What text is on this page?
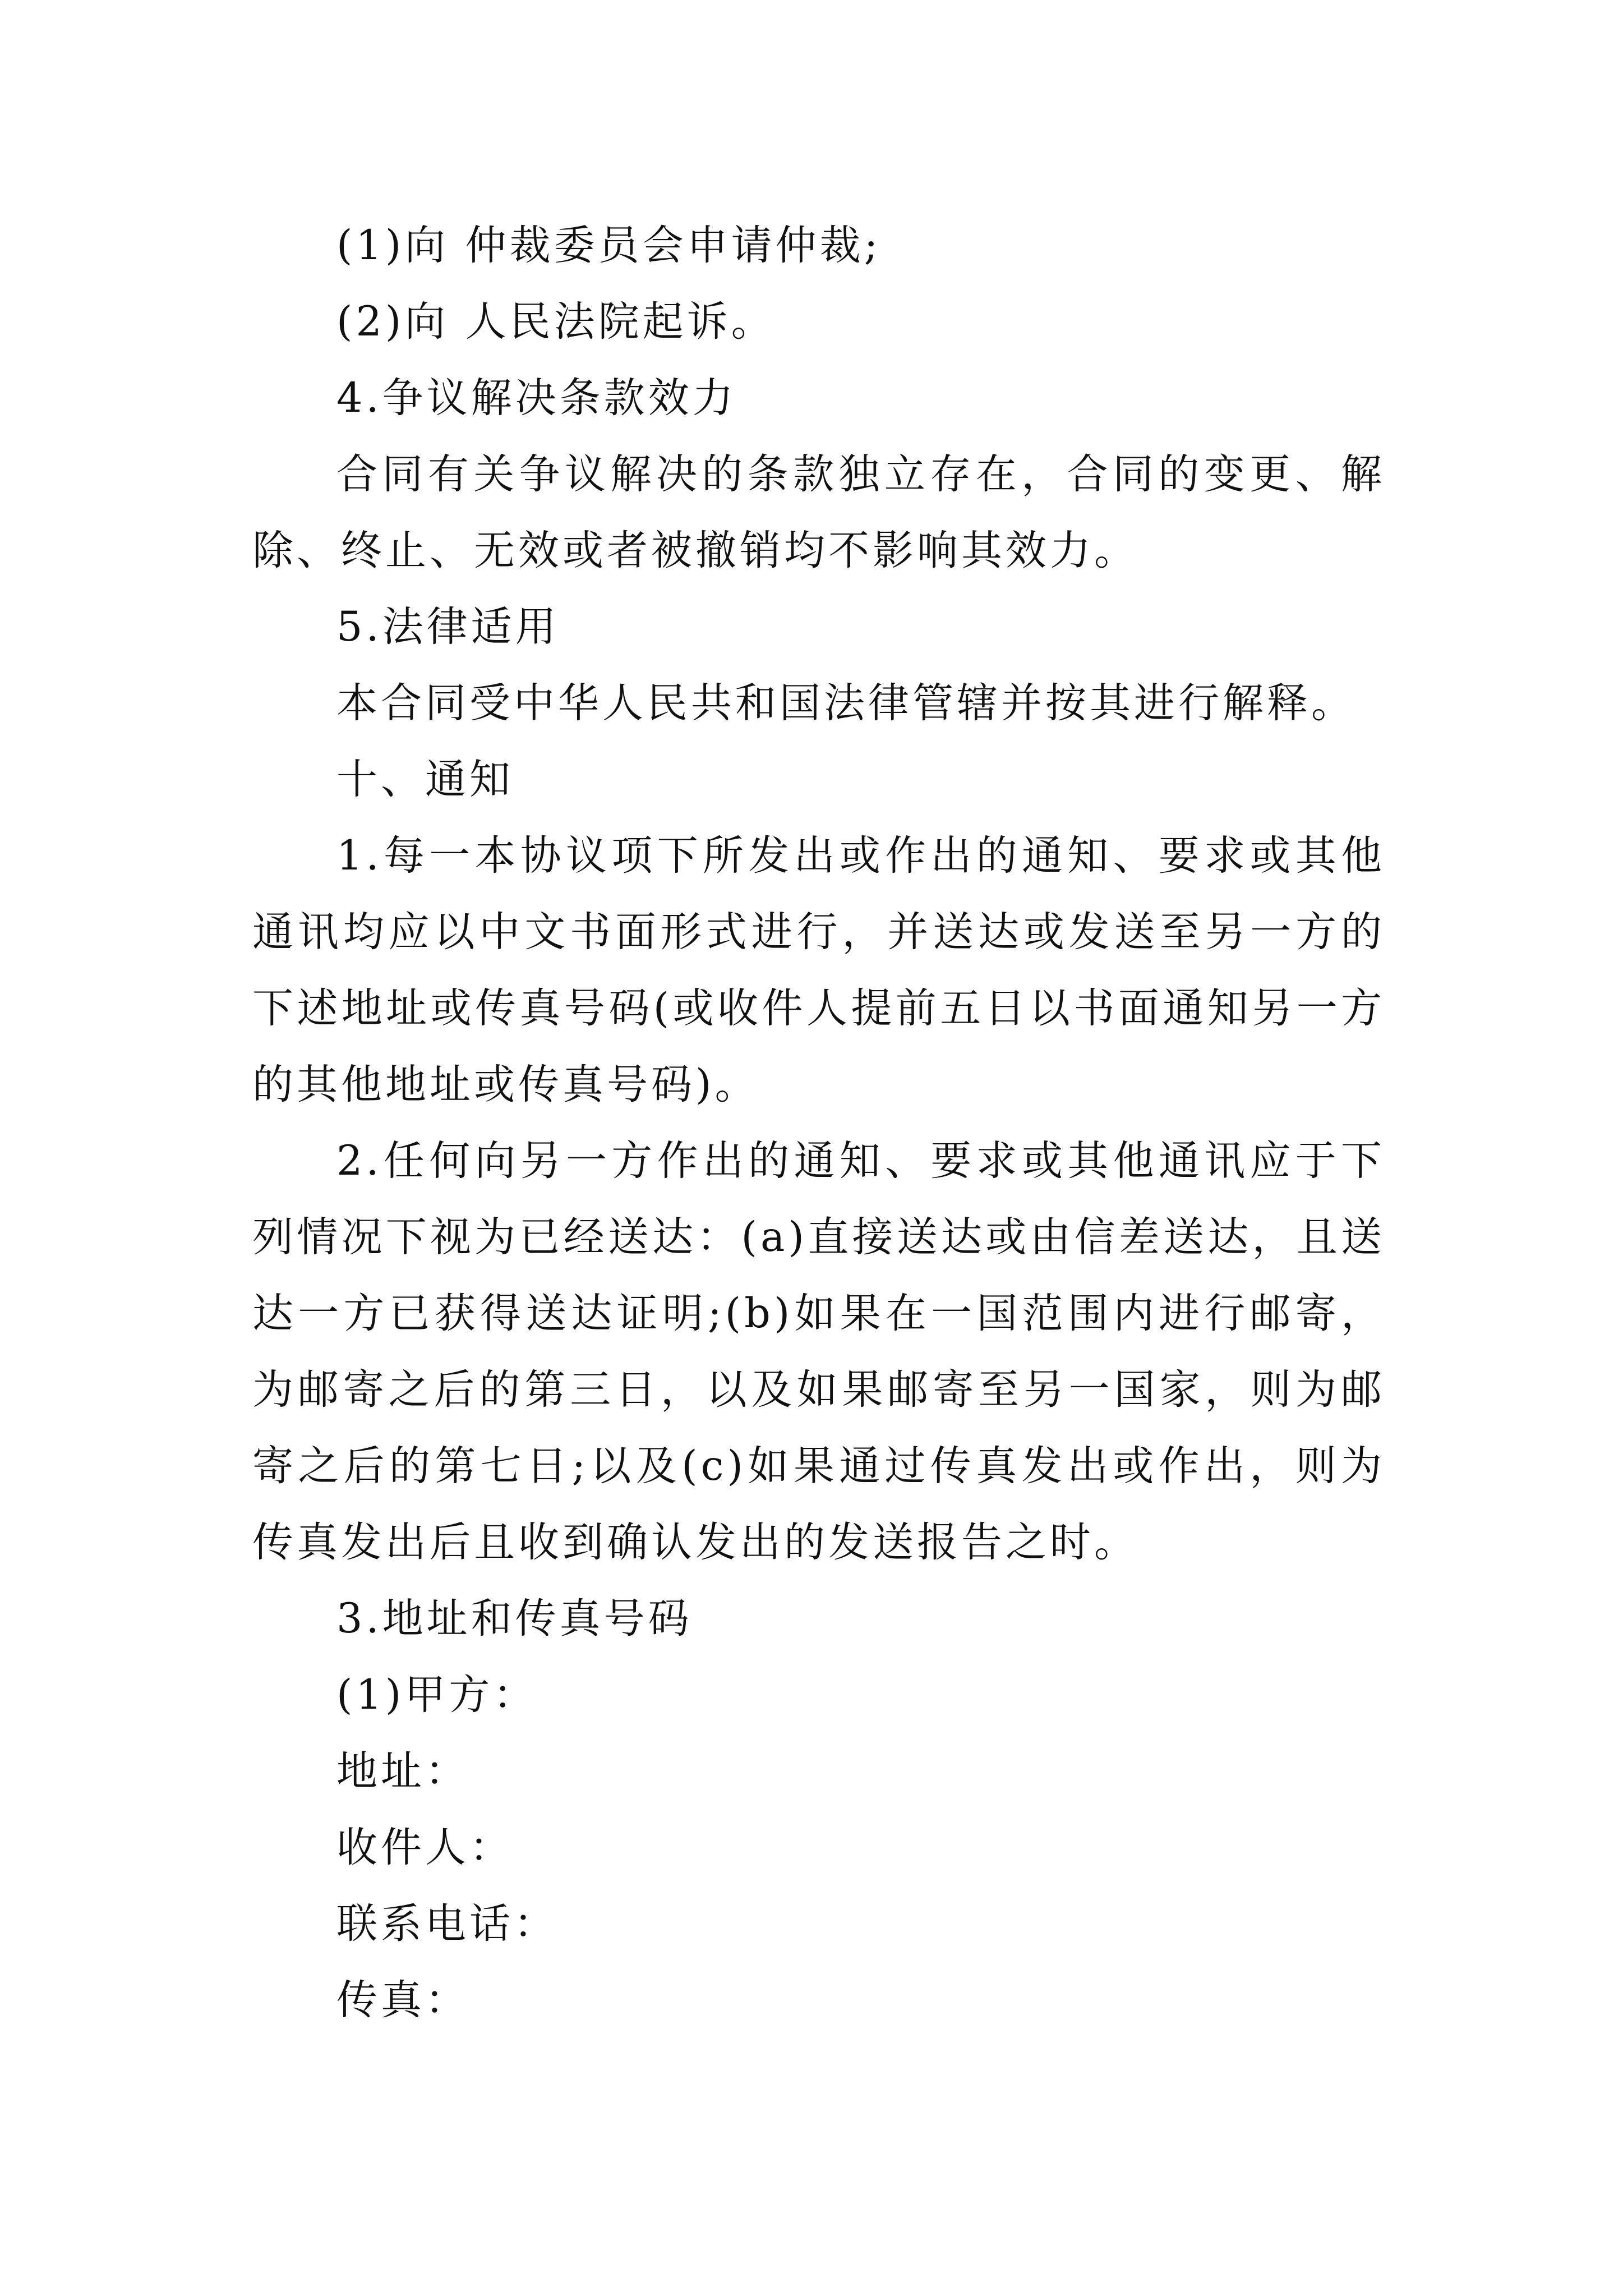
(1)向 仲裁委员会申请仲裁;

(2)向 人民法院起诉。

4.争议解决条款效力

合同有关争议解决的条款独立存在，合同的变更、解除、终止、无效或者被撤销均不影响其效力。

5.法律适用

本合同受中华人民共和国法律管辖并按其进行解释。

十、通知

1.每一本协议项下所发出或作出的通知、要求或其他通讯均应以中文书面形式进行，并送达或发送至另一方的下述地址或传真号码(或收件人提前五日以书面通知另一方的其他地址或传真号码)。

2.任何向另一方作出的通知、要求或其他通讯应于下列情况下视为已经送达：(a)直接送达或由信差送达，且送达一方已获得送达证明;(b)如果在一国范围内进行邮寄，为邮寄之后的第三日，以及如果邮寄至另一国家，则为邮寄之后的第七日;以及(c)如果通过传真发出或作出，则为传真发出后且收到确认发出的发送报告之时。

3.地址和传真号码

(1)甲方：

地址：

收件人：

联系电话：

传真：
